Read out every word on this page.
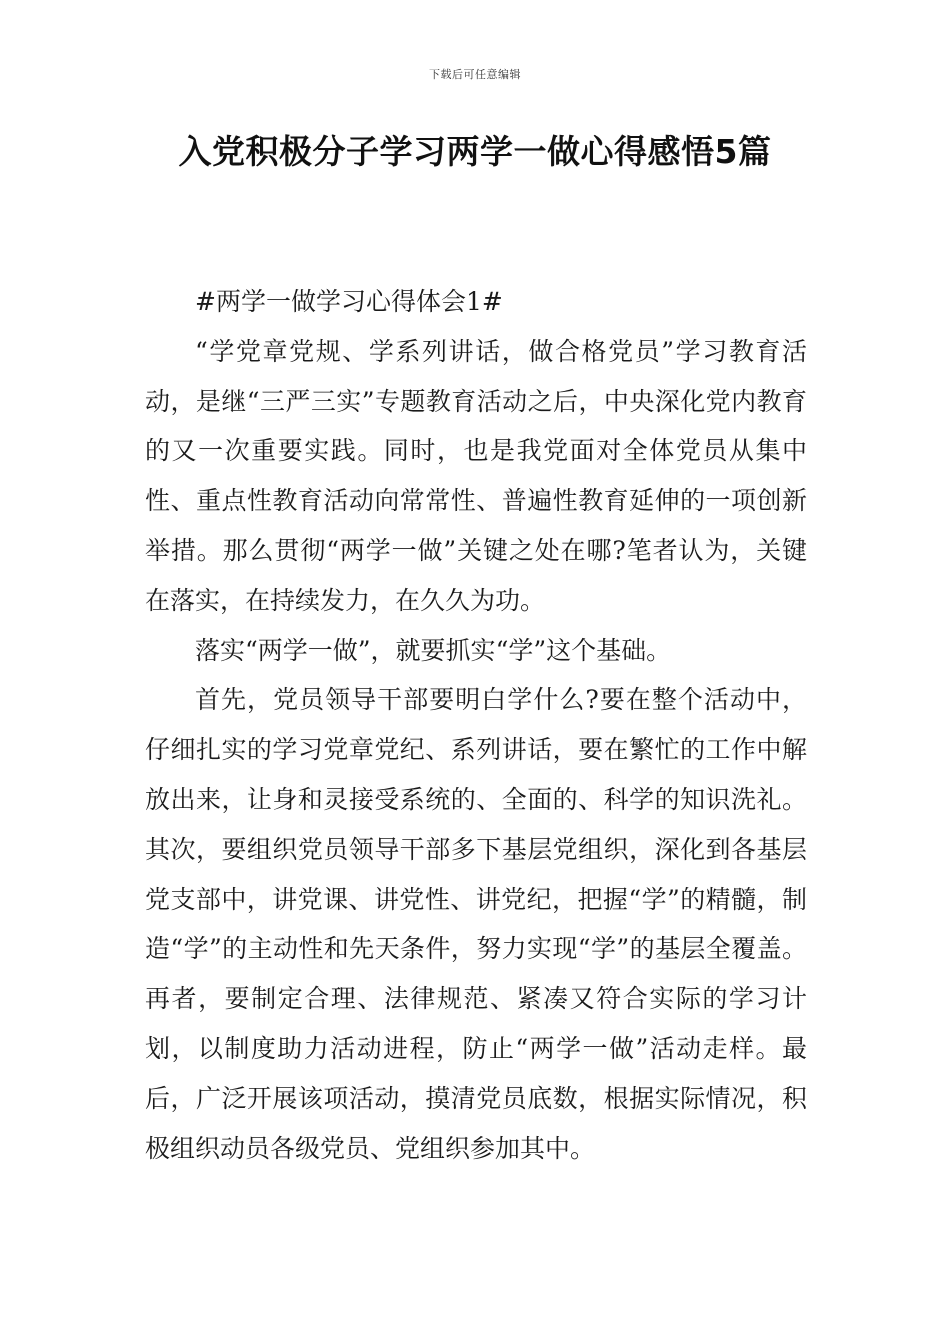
下载后可任意编辑
入党积极分子学习两学一做心得感悟5篇

#两学一做学习心得体会1#

“学党章党规、学系列讲话，做合格党员”学习教育活动，是继“三严三实”专题教育活动之后，中央深化党内教育的又一次重要实践。同时，也是我党面对全体党员从集中性、重点性教育活动向常常性、普遍性教育延伸的一项创新举措。那么贯彻“两学一做”关键之处在哪?笔者认为，关键在落实，在持续发力，在久久为功。

落实“两学一做”，就要抓实“学”这个基础。

首先，党员领导干部要明白学什么?要在整个活动中，仔细扎实的学习党章党纪、系列讲话，要在繁忙的工作中解放出来，让身和灵接受系统的、全面的、科学的知识洗礼。其次，要组织党员领导干部多下基层党组织，深化到各基层党支部中，讲党课、讲党性、讲党纪，把握“学”的精髓，制造“学”的主动性和先天条件，努力实现“学”的基层全覆盖。再者，要制定合理、法律规范、紧凑又符合实际的学习计划，以制度助力活动进程，防止“两学一做”活动走样。最后，广泛开展该项活动，摸清党员底数，根据实际情况，积极组织动员各级党员、党组织参加其中。
